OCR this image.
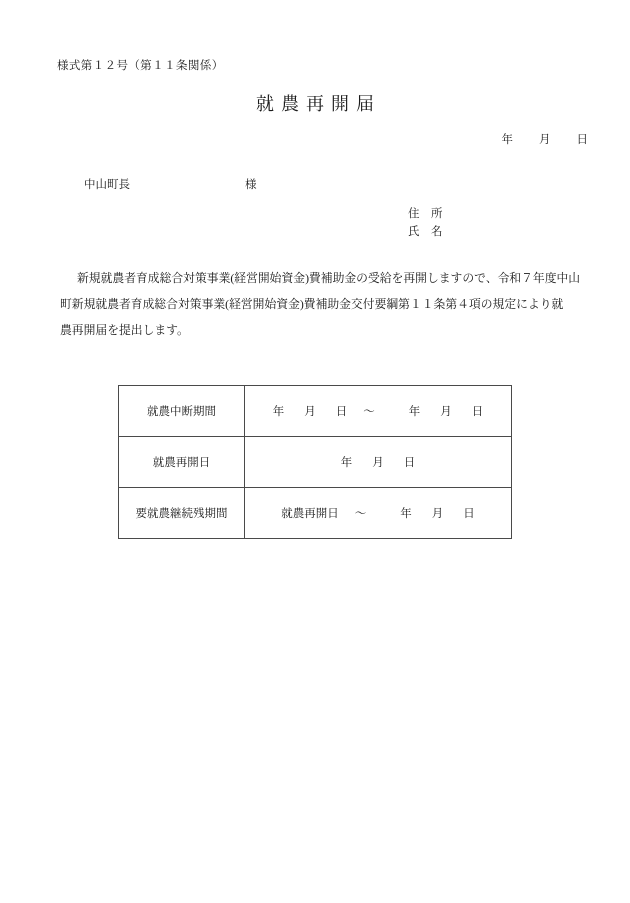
様式第１２号（第１１条関係）
就農再開届
年 月 日
中山町長	様
住　所
氏　名
新規就農者育成総合対策事業(経営開始資金)費補助金の受給を再開しますので、令和７年度中山
町新規就農者育成総合対策事業(経営開始資金)費補助金交付要綱第１１条第４項の規定により就
農再開届を提出します。
就農中断期間	年 月 日 ～ 年 月 日
就農再開日	年 月 日
要就農継続残期間	就農再開日 ～ 年 月 日
